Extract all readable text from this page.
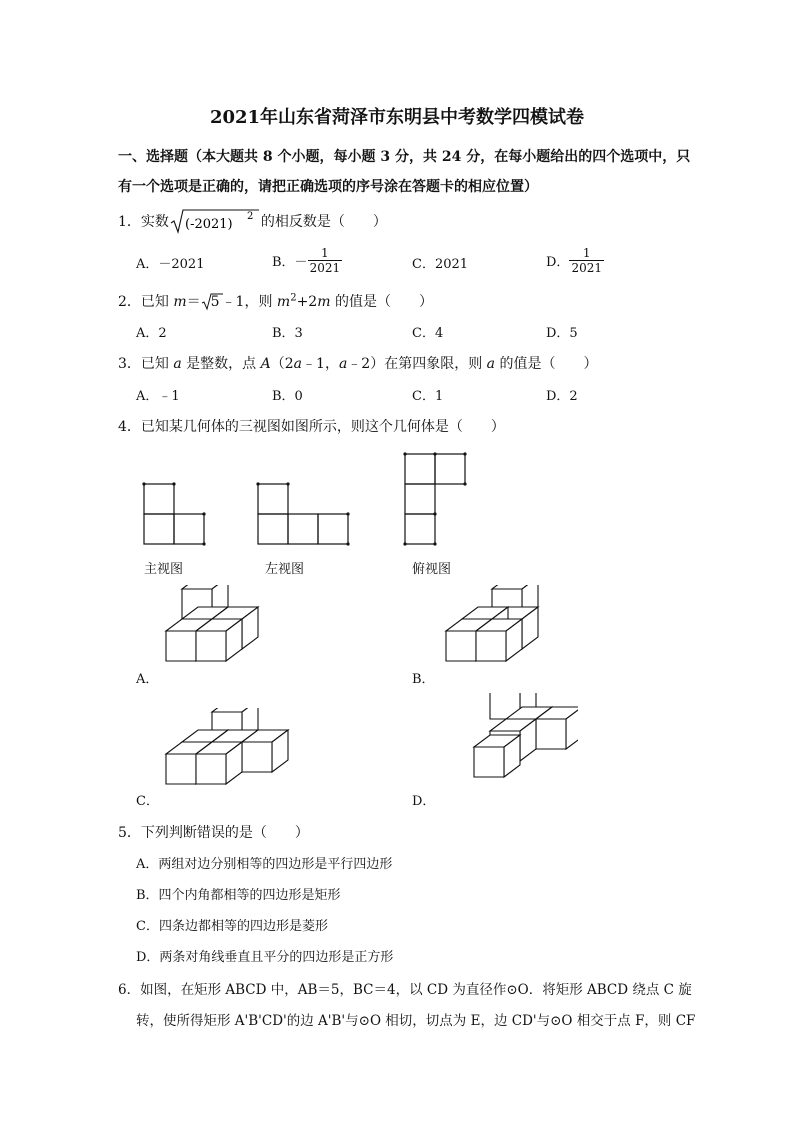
2021年山东省菏泽市东明县中考数学四模试卷
一、选择题（本大题共 8 个小题，每小题 3 分，共 24 分，在每小题给出的四个选项中，只
有一个选项是正确的，请把正确选项的序号涂在答题卡的相应位置）
1．实数 (-2021)
2 的相反数是（　　）
A．－2021	B．－ $\frac{1}{2021}$	C．2021	D． $\frac{1}{2021}$
2．已知 m＝ 5 ﹣1，则 $m^2+2m$ 的值是（　　）
A．2	B．3	C．4	D．5
3．已知 a 是整数，点 A（2a﹣1，a﹣2）在第四象限，则 a 的值是（　　）
A．﹣1	B．0	C．1	D．2
4．已知某几何体的三视图如图所示，则这个几何体是（　　）
主视图	左视图	俯视图
A．	B．
C．	D．
5．下列判断错误的是（　　）
A．两组对边分别相等的四边形是平行四边形
B．四个内角都相等的四边形是矩形
C．四条边都相等的四边形是菱形
D．两条对角线垂直且平分的四边形是正方形
6．如图，在矩形 ABCD 中，AB＝5，BC＝4，以 CD 为直径作⊙O．将矩形 ABCD 绕点 C 旋
转，使所得矩形 A'B'CD'的边 A'B'与⊙O 相切，切点为 E，边 CD'与⊙O 相交于点 F，则 CF
